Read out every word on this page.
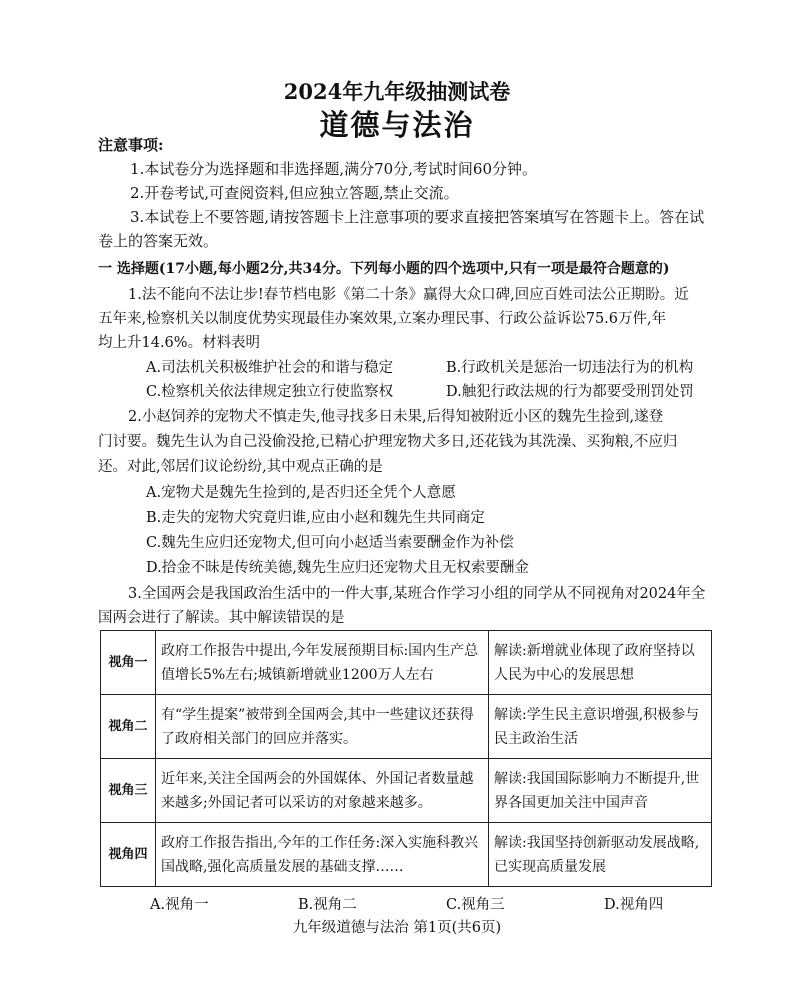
2024年九年级抽测试卷
道德与法治
注意事项:
1.本试卷分为选择题和非选择题,满分70分,考试时间60分钟。
2.开卷考试,可查阅资料,但应独立答题,禁止交流。
3.本试卷上不要答题,请按答题卡上注意事项的要求直接把答案填写在答题卡上。答在试
卷上的答案无效。
一 选择题(17小题,每小题2分,共34分。下列每小题的四个选项中,只有一项是最符合题意的)
1.法不能向不法让步!春节档电影《第二十条》赢得大众口碑,回应百姓司法公正期盼。近
五年来,检察机关以制度优势实现最佳办案效果,立案办理民事、行政公益诉讼75.6万件,年
均上升14.6%。材料表明
A.司法机关积极维护社会的和谐与稳定	B.行政机关是惩治一切违法行为的机构
C.检察机关依法律规定独立行使监察权	D.触犯行政法规的行为都要受刑罚处罚
2.小赵饲养的宠物犬不慎走失,他寻找多日未果,后得知被附近小区的魏先生捡到,遂登
门讨要。魏先生认为自己没偷没抢,已精心护理宠物犬多日,还花钱为其洗澡、买狗粮,不应归
还。对此,邻居们议论纷纷,其中观点正确的是
A.宠物犬是魏先生捡到的,是否归还全凭个人意愿
B.走失的宠物犬究竟归谁,应由小赵和魏先生共同商定
C.魏先生应归还宠物犬,但可向小赵适当索要酬金作为补偿
D.拾金不昧是传统美德,魏先生应归还宠物犬且无权索要酬金
3.全国两会是我国政治生活中的一件大事,某班合作学习小组的同学从不同视角对2024年全
国两会进行了解读。其中解读错误的是
视角一	政府工作报告中提出,今年发展预期目标:国内生产总值增长5%左右;城镇新增就业1200万人左右	解读:新增就业体现了政府坚持以人民为中心的发展思想
视角二	有“学生提案”被带到全国两会,其中一些建议还获得了政府相关部门的回应并落实。	解读:学生民主意识增强,积极参与民主政治生活
视角三	近年来,关注全国两会的外国媒体、外国记者数量越来越多;外国记者可以采访的对象越来越多。	解读:我国国际影响力不断提升,世界各国更加关注中国声音
视角四	政府工作报告指出,今年的工作任务:深入实施科教兴国战略,强化高质量发展的基础支撑……	解读:我国坚持创新驱动发展战略,已实现高质量发展
A.视角一	B.视角二	C.视角三	D.视角四
九年级道德与法治 第1页(共6页)
